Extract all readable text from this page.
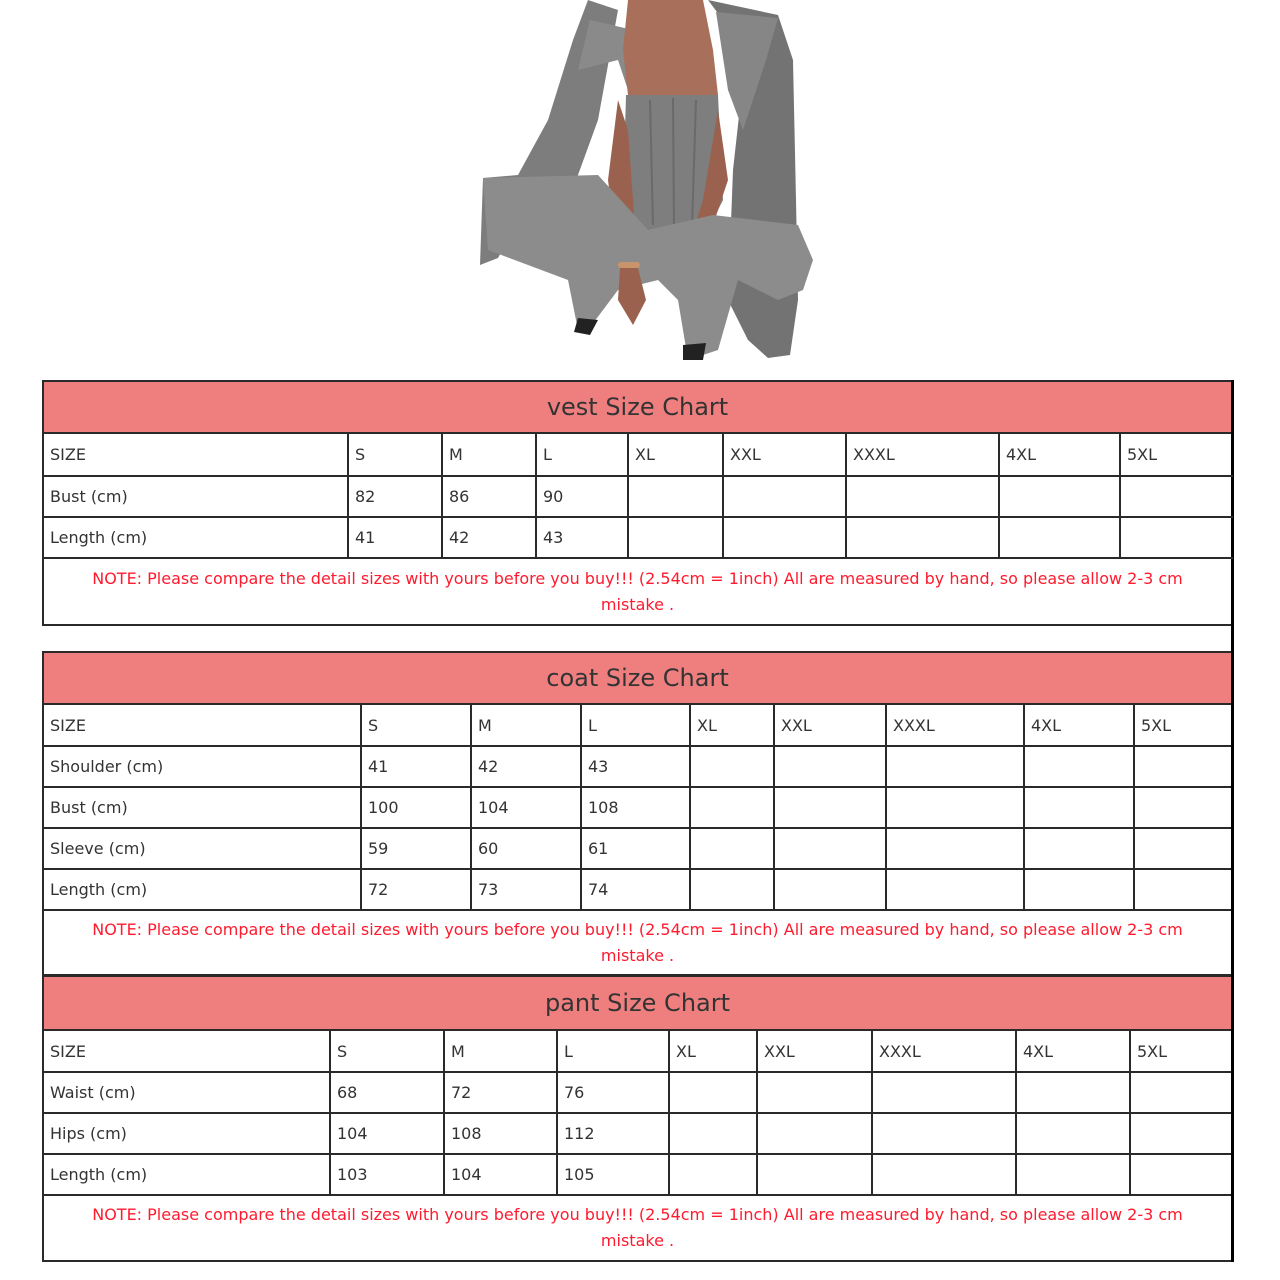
vest Size Chart
SIZE	S	M	L	XL	XXL	XXXL	4XL	5XL
Bust (cm)	82	86	90					
Length (cm)	41	42	43					
NOTE: Please compare the detail sizes with yours before you buy!!! (2.54cm = 1inch) All are measured by hand, so please allow 2-3 cm mistake .
coat Size Chart
SIZE	S	M	L	XL	XXL	XXXL	4XL	5XL
Shoulder (cm)	41	42	43					
Bust (cm)	100	104	108					
Sleeve (cm)	59	60	61					
Length (cm)	72	73	74					
NOTE: Please compare the detail sizes with yours before you buy!!! (2.54cm = 1inch) All are measured by hand, so please allow 2-3 cm mistake .
pant Size Chart
SIZE	S	M	L	XL	XXL	XXXL	4XL	5XL
Waist (cm)	68	72	76					
Hips (cm)	104	108	112					
Length (cm)	103	104	105					
NOTE: Please compare the detail sizes with yours before you buy!!! (2.54cm = 1inch) All are measured by hand, so please allow 2-3 cm mistake .
